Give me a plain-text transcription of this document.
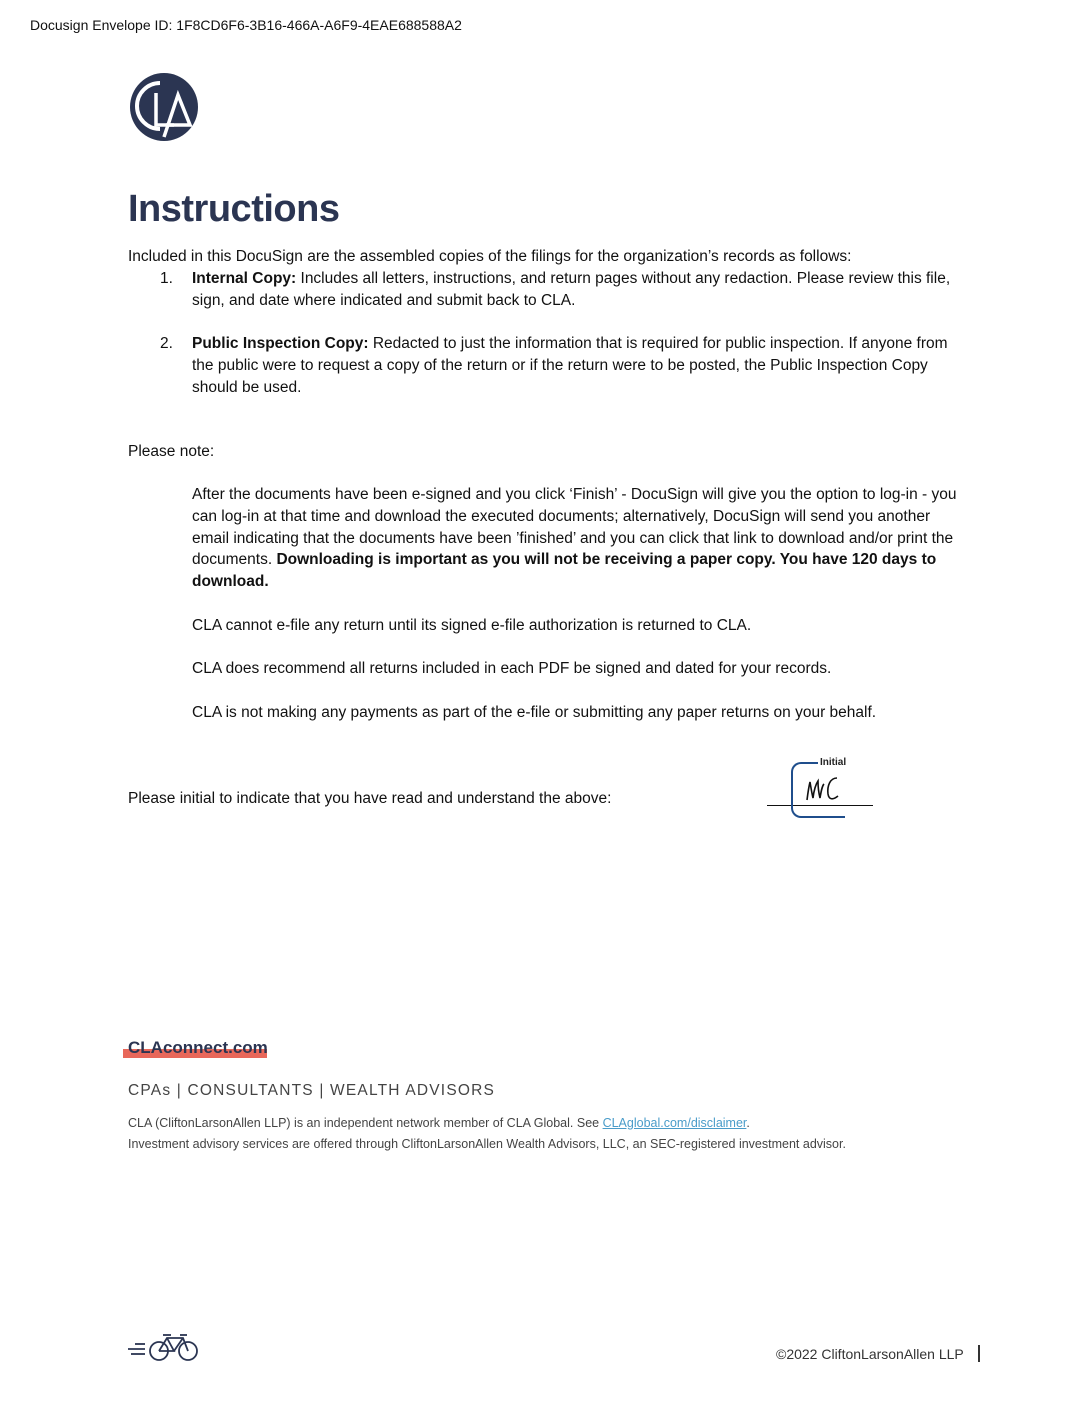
Docusign Envelope ID: 1F8CD6F6-3B16-466A-A6F9-4EAE688588A2
Instructions
Included in this DocuSign are the assembled copies of the filings for the organization’s records as follows:
1. Internal Copy: Includes all letters, instructions, and return pages without any redaction. Please review this file, sign, and date where indicated and submit back to CLA.
2. Public Inspection Copy: Redacted to just the information that is required for public inspection. If anyone from the public were to request a copy of the return or if the return were to be posted, the Public Inspection Copy should be used.
Please note:
After the documents have been e-signed and you click ‘Finish’ - DocuSign will give you the option to log-in - you can log-in at that time and download the executed documents; alternatively, DocuSign will send you another email indicating that the documents have been ’finished’ and you can click that link to download and/or print the documents. Downloading is important as you will not be receiving a paper copy. You have 120 days to download.
CLA cannot e-file any return until its signed e-file authorization is returned to CLA.
CLA does recommend all returns included in each PDF be signed and dated for your records.
CLA is not making any payments as part of the e-file or submitting any paper returns on your behalf.
Please initial to indicate that you have read and understand the above:
Initial
CLAconnect.com
CPAs | CONSULTANTS | WEALTH ADVISORS
CLA (CliftonLarsonAllen LLP) is an independent network member of CLA Global. See CLAglobal.com/disclaimer.
Investment advisory services are offered through CliftonLarsonAllen Wealth Advisors, LLC, an SEC-registered investment advisor.
©2022 CliftonLarsonAllen LLP
